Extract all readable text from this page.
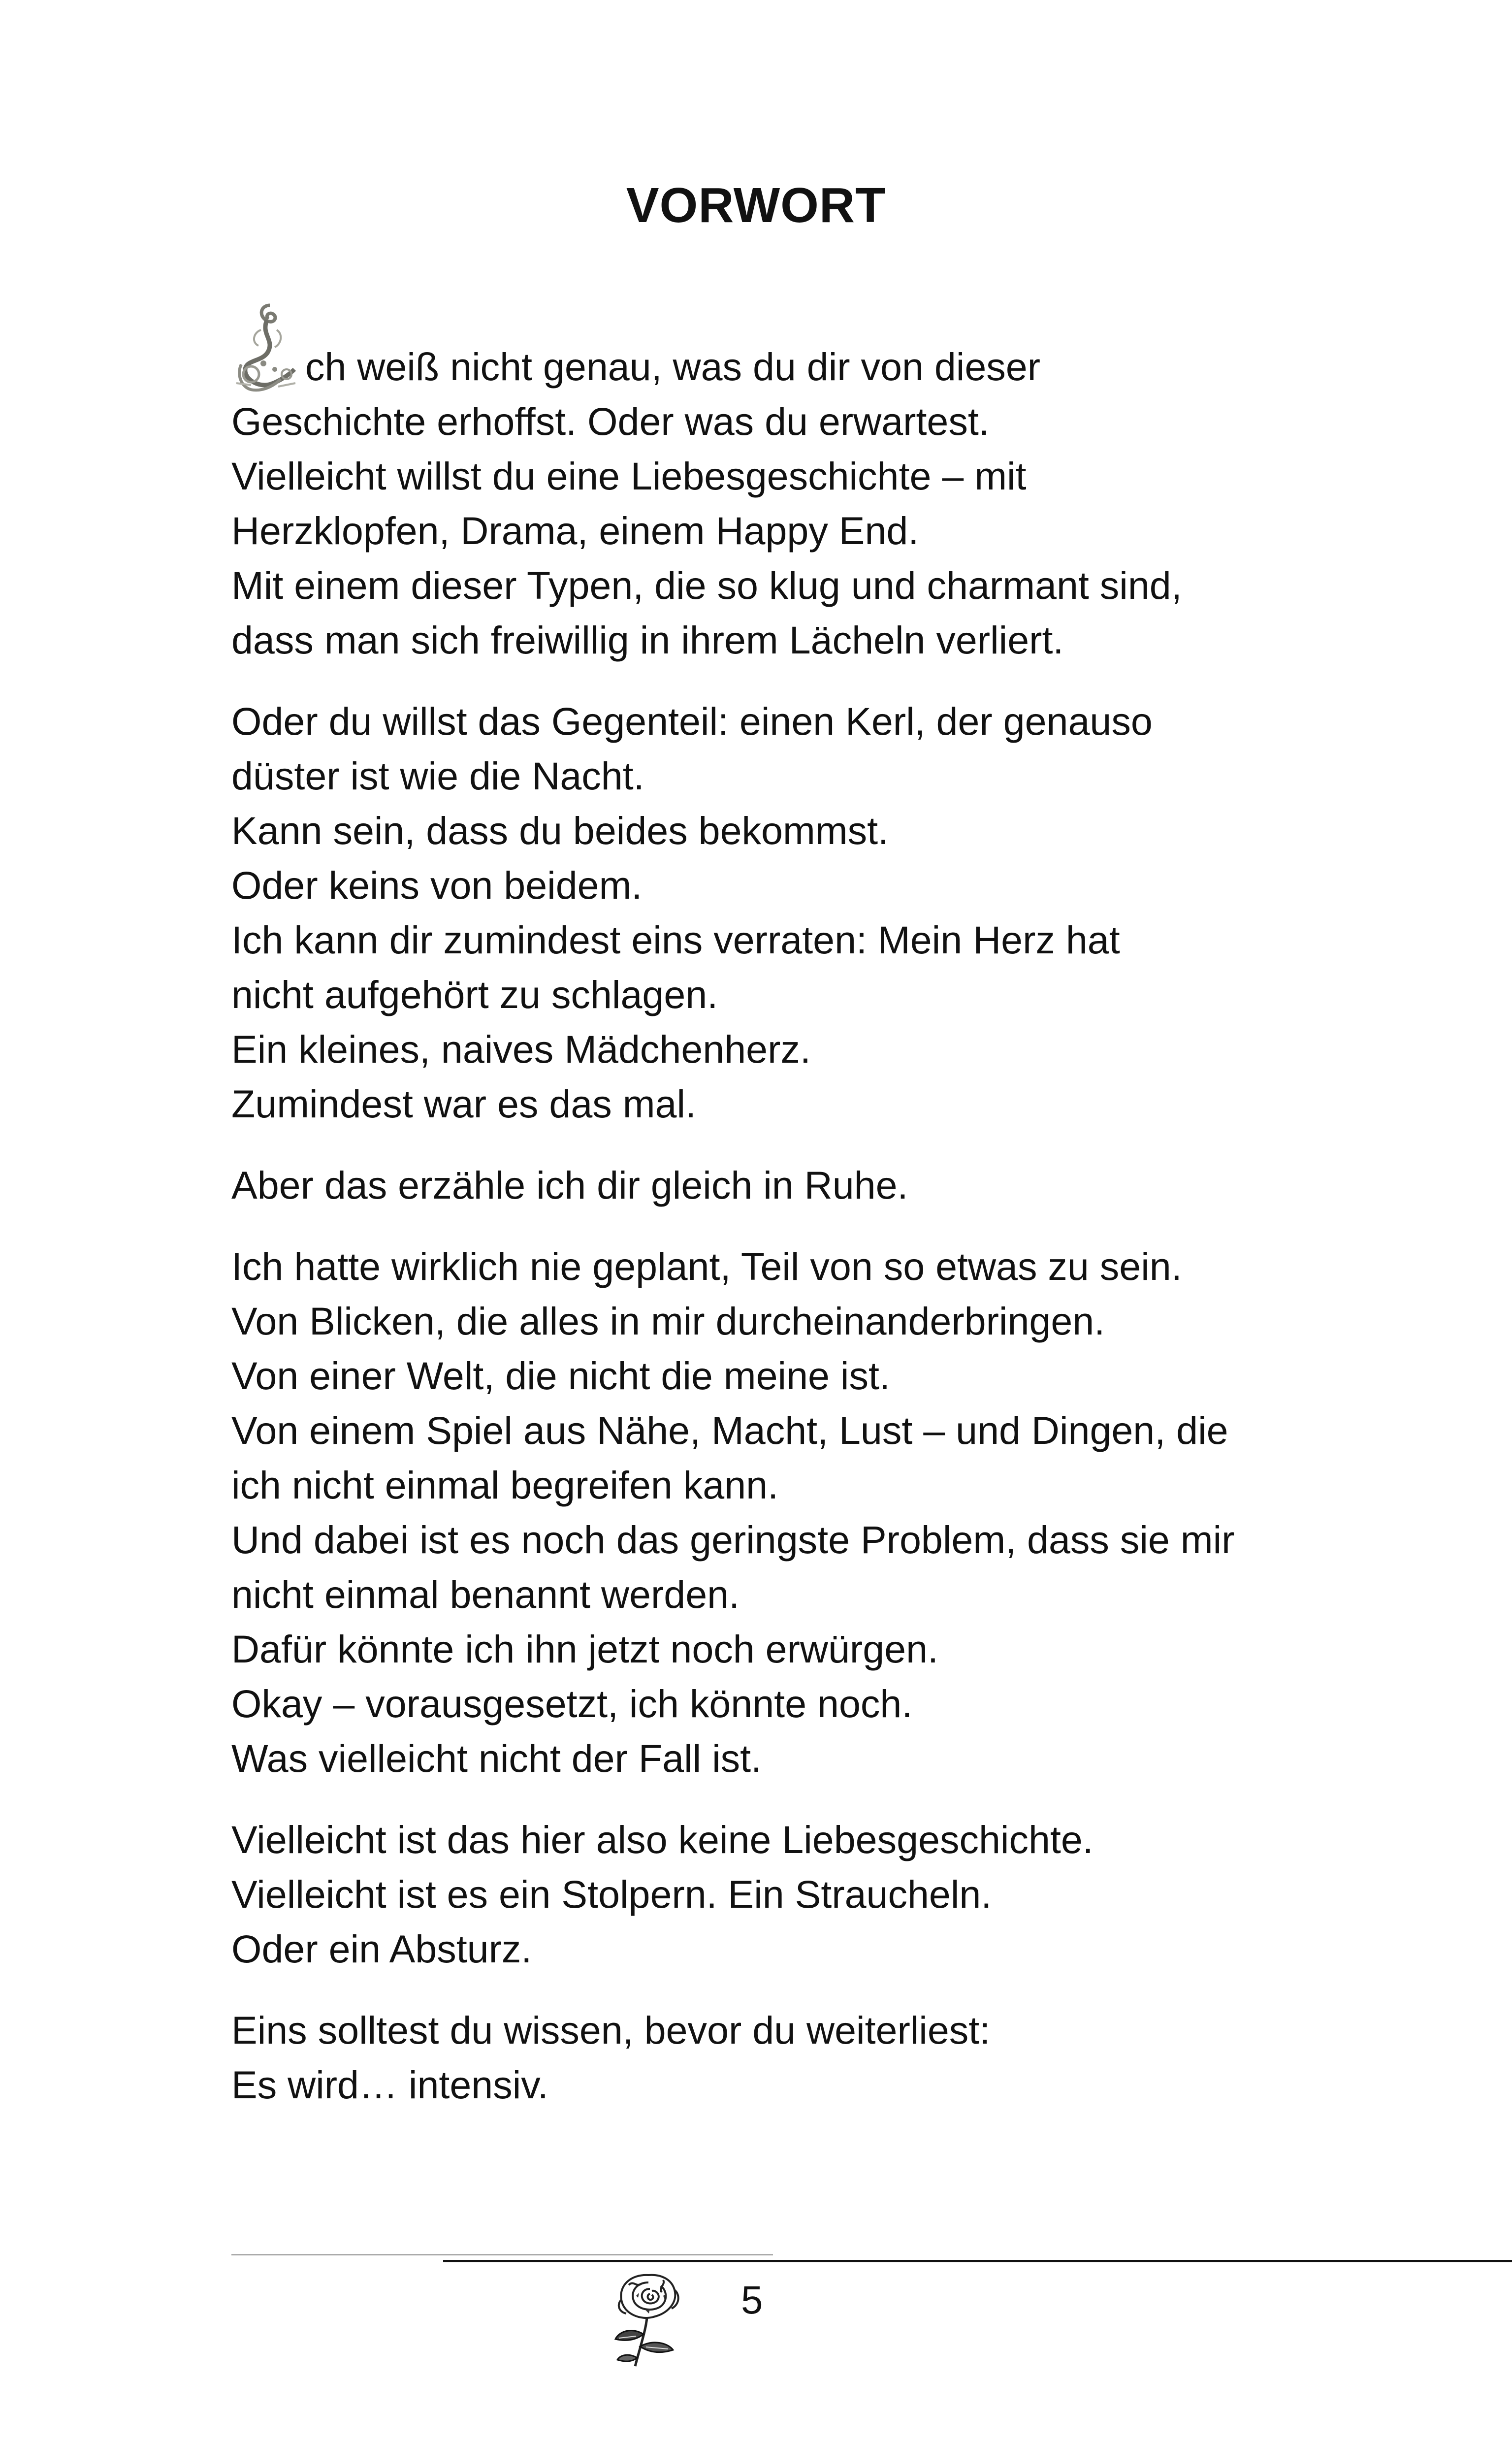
VORWORT
ch weiß nicht genau, was du dir von dieser
Geschichte erhoffst. Oder was du erwartest.
Vielleicht willst du eine Liebesgeschichte – mit
Herzklopfen, Drama, einem Happy End.
Mit einem dieser Typen, die so klug und charmant sind,
dass man sich freiwillig in ihrem Lächeln verliert.
Oder du willst das Gegenteil: einen Kerl, der genauso
düster ist wie die Nacht.
Kann sein, dass du beides bekommst.
Oder keins von beidem.
Ich kann dir zumindest eins verraten: Mein Herz hat
nicht aufgehört zu schlagen.
Ein kleines, naives Mädchenherz.
Zumindest war es das mal.
Aber das erzähle ich dir gleich in Ruhe.
Ich hatte wirklich nie geplant, Teil von so etwas zu sein.
Von Blicken, die alles in mir durcheinanderbringen.
Von einer Welt, die nicht die meine ist.
Von einem Spiel aus Nähe, Macht, Lust – und Dingen, die
ich nicht einmal begreifen kann.
Und dabei ist es noch das geringste Problem, dass sie mir
nicht einmal benannt werden.
Dafür könnte ich ihn jetzt noch erwürgen.
Okay – vorausgesetzt, ich könnte noch.
Was vielleicht nicht der Fall ist.
Vielleicht ist das hier also keine Liebesgeschichte.
Vielleicht ist es ein Stolpern. Ein Straucheln.
Oder ein Absturz.
Eins solltest du wissen, bevor du weiterliest:
Es wird… intensiv.
5
